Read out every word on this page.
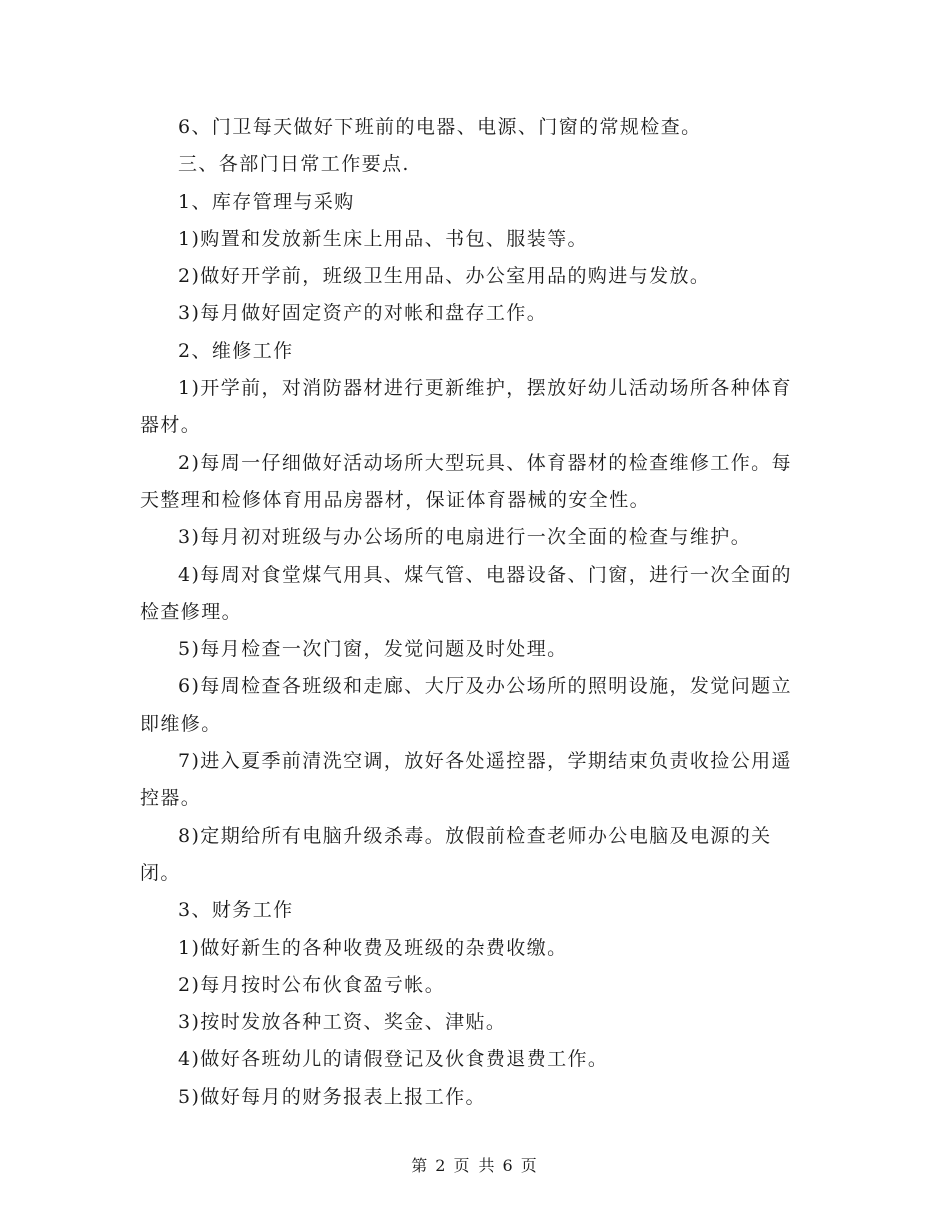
6、门卫每天做好下班前的电器、电源、门窗的常规检查。

三、各部门日常工作要点.

1、库存管理与采购

1)购置和发放新生床上用品、书包、服装等。

2)做好开学前，班级卫生用品、办公室用品的购进与发放。

3)每月做好固定资产的对帐和盘存工作。

2、维修工作

1)开学前，对消防器材进行更新维护，摆放好幼儿活动场所各种体育器材。

2)每周一仔细做好活动场所大型玩具、体育器材的检查维修工作。每天整理和检修体育用品房器材，保证体育器械的安全性。

3)每月初对班级与办公场所的电扇进行一次全面的检查与维护。

4)每周对食堂煤气用具、煤气管、电器设备、门窗，进行一次全面的检查修理。

5)每月检查一次门窗，发觉问题及时处理。

6)每周检查各班级和走廊、大厅及办公场所的照明设施，发觉问题立即维修。

7)进入夏季前清洗空调，放好各处遥控器，学期结束负责收捡公用遥控器。

8)定期给所有电脑升级杀毒。放假前检查老师办公电脑及电源的关闭。

3、财务工作

1)做好新生的各种收费及班级的杂费收缴。

2)每月按时公布伙食盈亏帐。

3)按时发放各种工资、奖金、津贴。

4)做好各班幼儿的请假登记及伙食费退费工作。

5)做好每月的财务报表上报工作。

第 2 页 共 6 页
